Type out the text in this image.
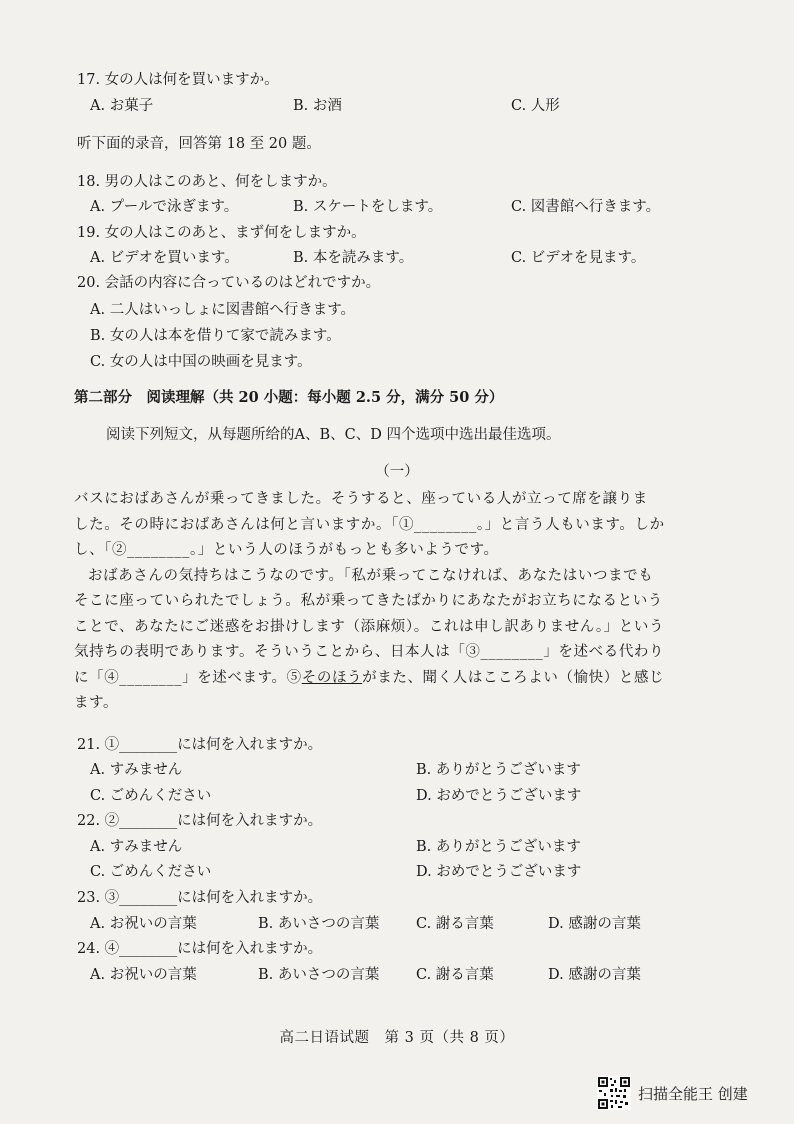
17. 女の人は何を買いますか。
A. お菓子	B. お酒	C. 人形
听下面的录音，回答第 18 至 20 题。
18. 男の人はこのあと、何をしますか。
A. プールで泳ぎます。	B. スケートをします。	C. 図書館へ行きます。
19. 女の人はこのあと、まず何をしますか。
A. ビデオを買います。	B. 本を読みます。	C. ビデオを見ます。
20. 会話の内容に合っているのはどれですか。
A. 二人はいっしょに図書館へ行きます。
B. 女の人は本を借りて家で読みます。
C. 女の人は中国の映画を見ます。
第二部分　阅读理解（共 20 小题：每小题 2.5 分，满分 50 分）
阅读下列短文，从每题所给的A、B、C、D 四个选项中选出最佳选项。
（一）
バスにおばあさんが乗ってきました。そうすると、座っている人が立って席を譲りま
した。その時におばあさんは何と言いますか。「①________。」と言う人もいます。しか
し、「②________。」という人のほうがもっとも多いようです。
おばあさんの気持ちはこうなのです。「私が乗ってこなければ、あなたはいつまでも
そこに座っていられたでしょう。私が乗ってきたばかりにあなたがお立ちになるという
ことで、あなたにご迷惑をお掛けします（添麻烦）。これは申し訳ありません。」という
気持ちの表明であります。そういうことから、日本人は「③________」を述べる代わり
に「④________」を述べます。⑤そのほうがまた、聞く人はこころよい（愉快）と感じ
ます。
21. ①________には何を入れますか。
A. すみません	B. ありがとうございます
C. ごめんください	D. おめでとうございます
22. ②________には何を入れますか。
A. すみません	B. ありがとうございます
C. ごめんください	D. おめでとうございます
23. ③________には何を入れますか。
A. お祝いの言葉	B. あいさつの言葉	C. 謝る言葉	D. 感謝の言葉
24. ④________には何を入れますか。
A. お祝いの言葉	B. あいさつの言葉	C. 謝る言葉	D. 感謝の言葉
高二日语试题　第 3 页（共 8 页）
扫描全能王 创建
